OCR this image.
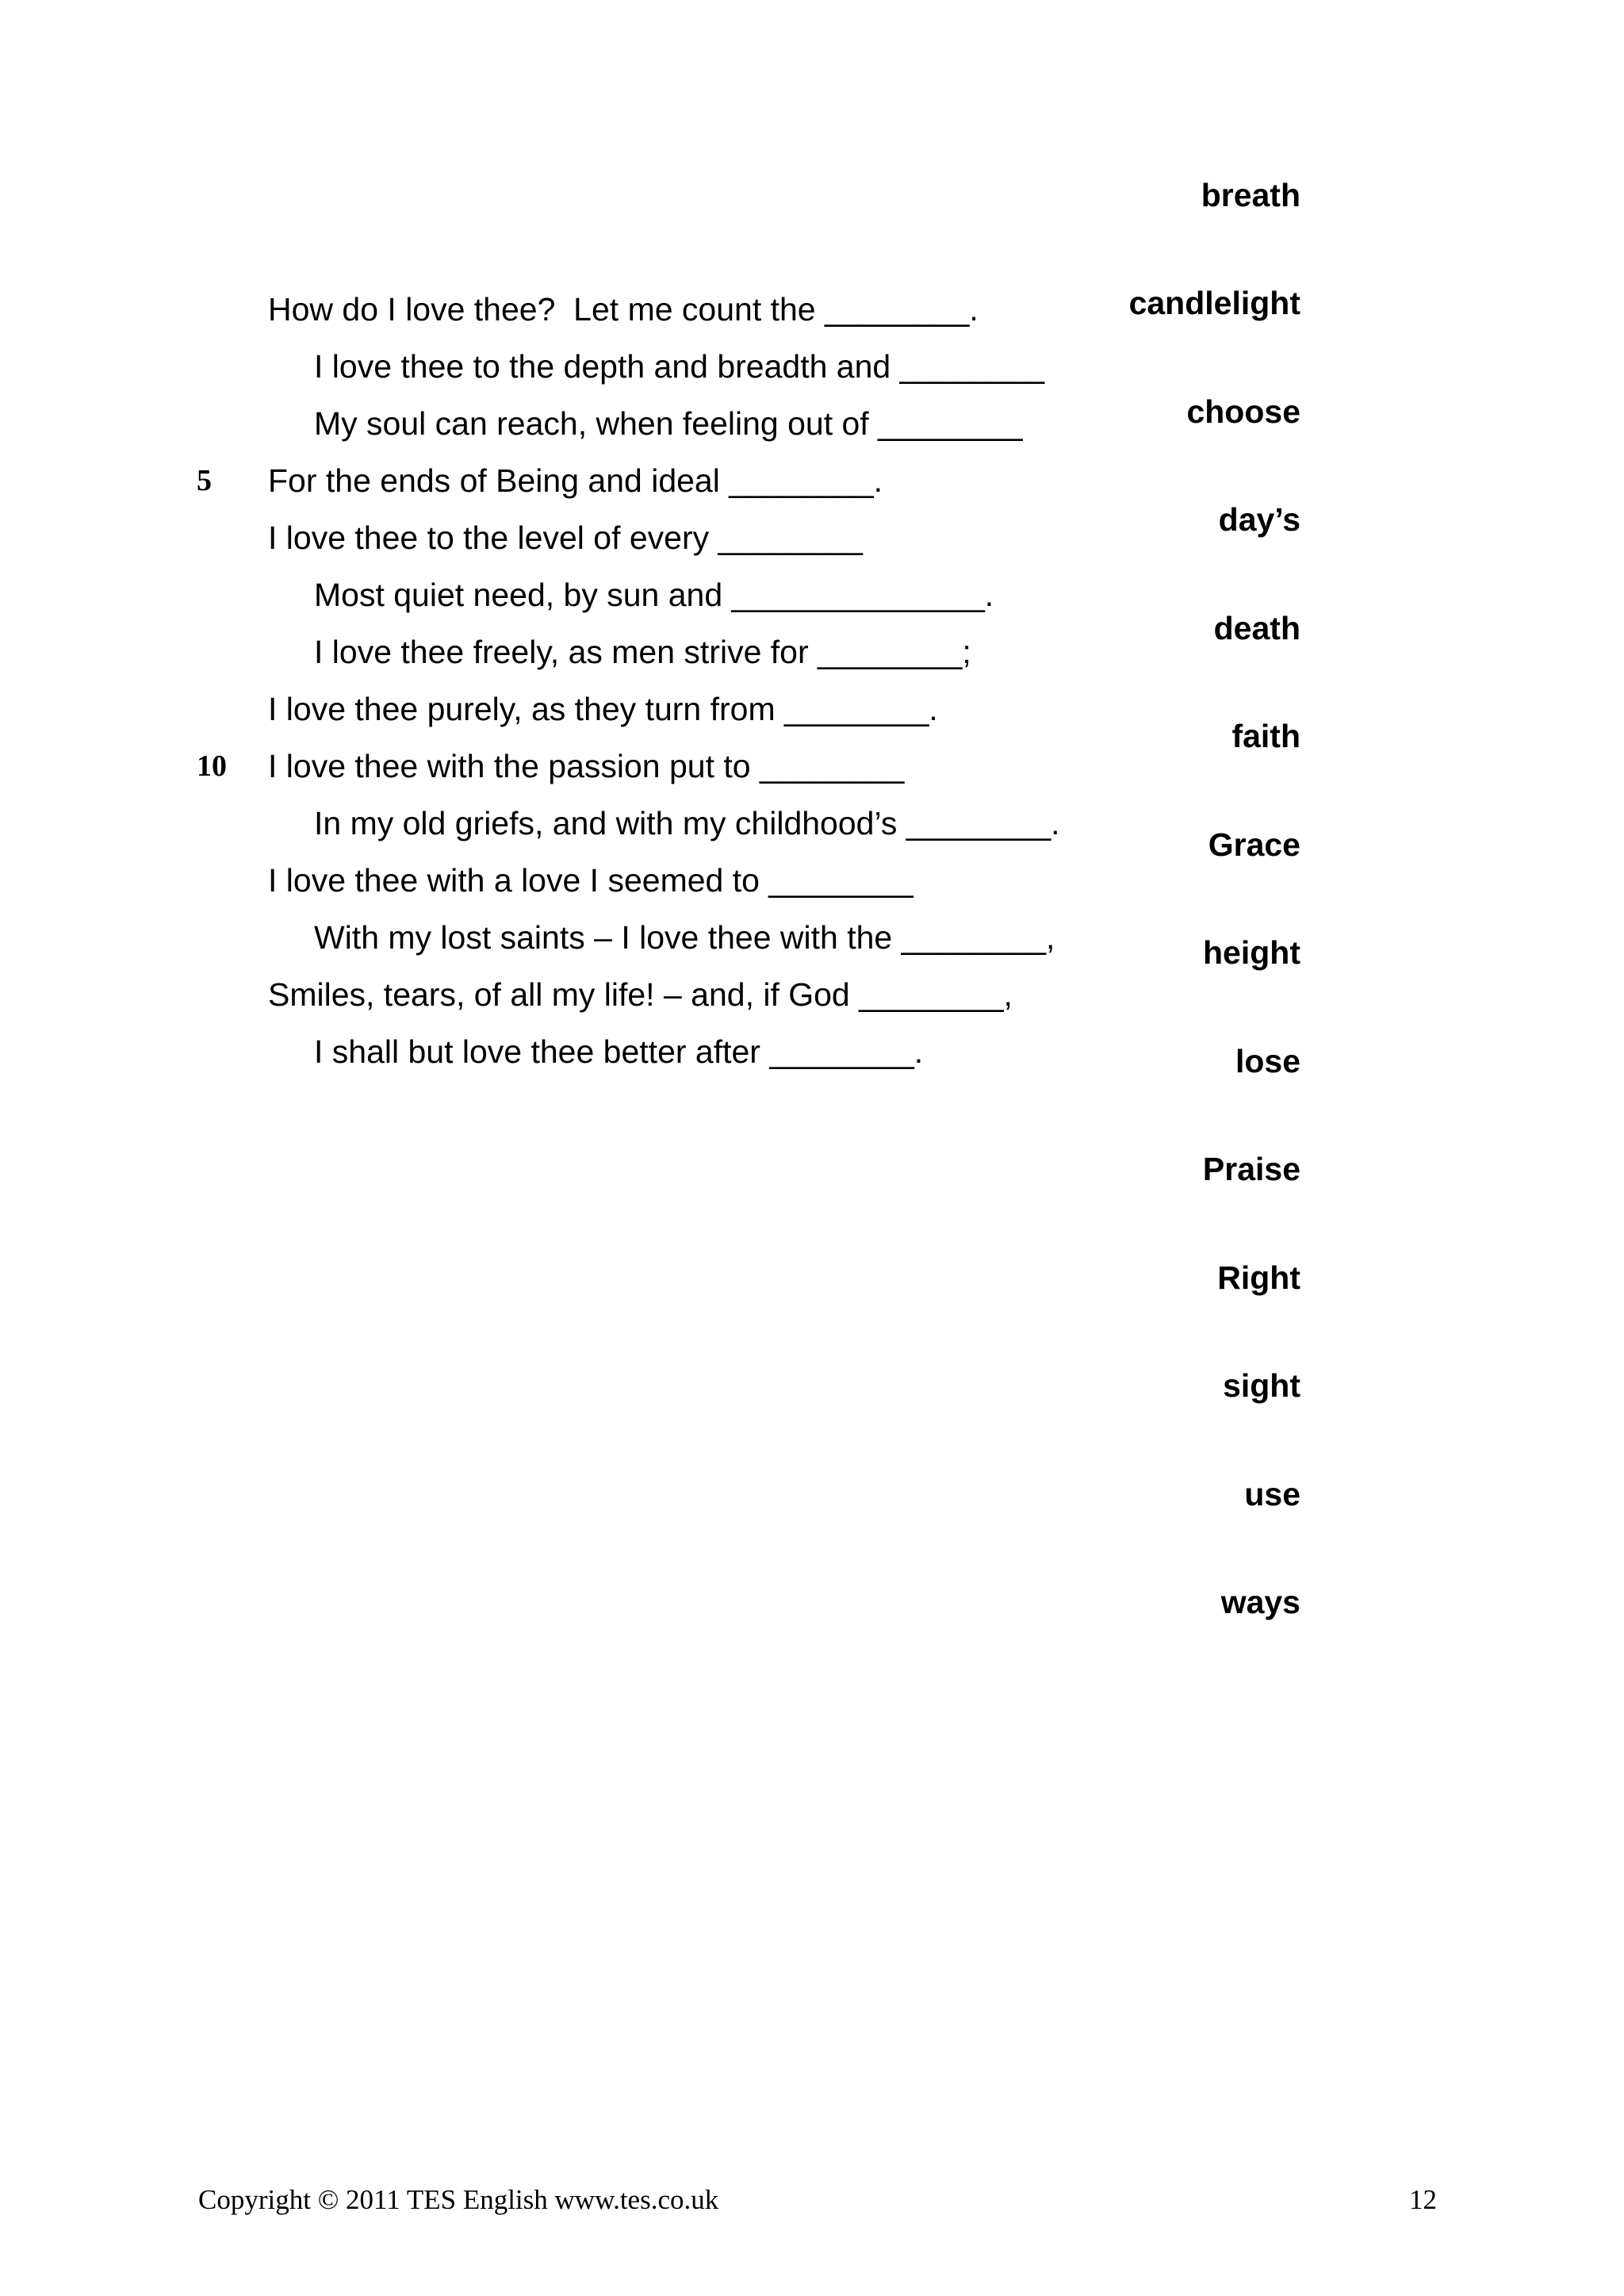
How do I love thee?  Let me count the ________.
I love thee to the depth and breadth and ________
My soul can reach, when feeling out of ________
5 For the ends of Being and ideal ________.
I love thee to the level of every ________
Most quiet need, by sun and ______________.
I love thee freely, as men strive for ________;
I love thee purely, as they turn from ________.
10 I love thee with the passion put to ________
In my old griefs, and with my childhood’s ________.
I love thee with a love I seemed to ________
With my lost saints – I love thee with the ________,
Smiles, tears, of all my life! – and, if God ________,
I shall but love thee better after ________.
breath
candlelight
choose
day’s
death
faith
Grace
height
lose
Praise
Right
sight
use
ways
Copyright © 2011 TES English www.tes.co.uk	12
